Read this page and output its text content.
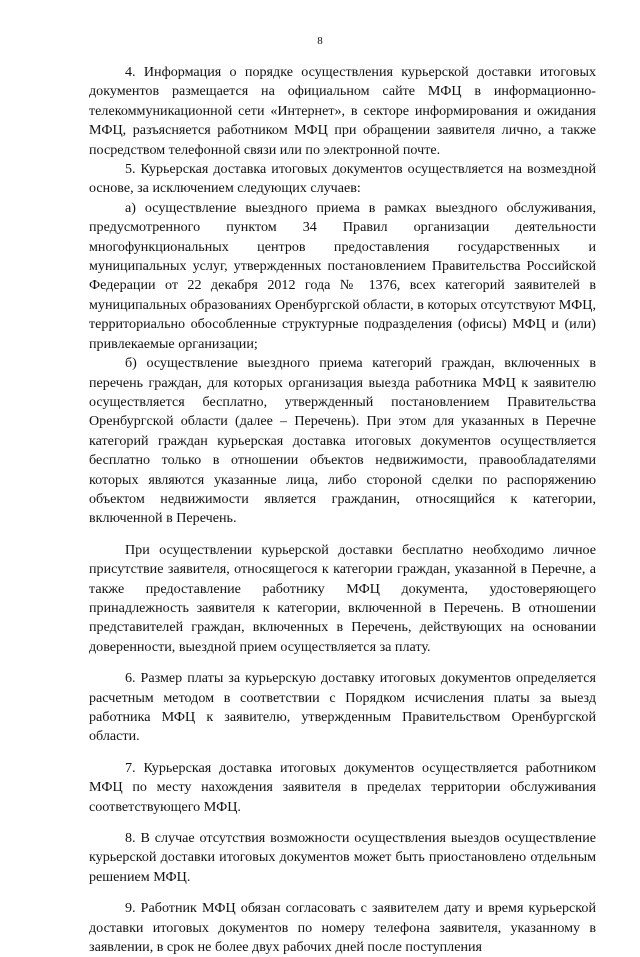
8

4. Информация о порядке осуществления курьерской доставки итоговых документов размещается на официальном сайте МФЦ в информационно-телекоммуникационной сети «Интернет», в секторе информирования и ожидания МФЦ, разъясняется работником МФЦ при обращении заявителя лично, а также посредством телефонной связи или по электронной почте.

5. Курьерская доставка итоговых документов осуществляется на возмездной основе, за исключением следующих случаев:

а) осуществление выездного приема в рамках выездного обслуживания, предусмотренного пунктом 34 Правил организации деятельности многофункциональных центров предоставления государственных и муниципальных услуг, утвержденных постановлением Правительства Российской Федерации от 22 декабря 2012 года № 1376, всех категорий заявителей в муниципальных образованиях Оренбургской области, в которых отсутствуют МФЦ, территориально обособленные структурные подразделения (офисы) МФЦ и (или) привлекаемые организации;

б) осуществление выездного приема категорий граждан, включенных в перечень граждан, для которых организация выезда работника МФЦ к заявителю осуществляется бесплатно, утвержденный постановлением Правительства Оренбургской области (далее – Перечень). При этом для указанных в Перечне категорий граждан курьерская доставка итоговых документов осуществляется бесплатно только в отношении объектов недвижимости, правообладателями которых являются указанные лица, либо стороной сделки по распоряжению объектом недвижимости является гражданин, относящийся к категории, включенной в Перечень.

При осуществлении курьерской доставки бесплатно необходимо личное присутствие заявителя, относящегося к категории граждан, указанной в Перечне, а также предоставление работнику МФЦ документа, удостоверяющего принадлежность заявителя к категории, включенной в Перечень. В отношении представителей граждан, включенных в Перечень, действующих на основании доверенности, выездной прием осуществляется за плату.

6. Размер платы за курьерскую доставку итоговых документов определяется расчетным методом в соответствии с Порядком исчисления платы за выезд работника МФЦ к заявителю, утвержденным Правительством Оренбургской области.

7. Курьерская доставка итоговых документов осуществляется работником МФЦ по месту нахождения заявителя в пределах территории обслуживания соответствующего МФЦ.

8. В случае отсутствия возможности осуществления выездов осуществление курьерской доставки итоговых документов может быть приостановлено отдельным решением МФЦ.

9. Работник МФЦ обязан согласовать с заявителем дату и время курьерской доставки итоговых документов по номеру телефона заявителя, указанному в заявлении, в срок не более двух рабочих дней после поступления
